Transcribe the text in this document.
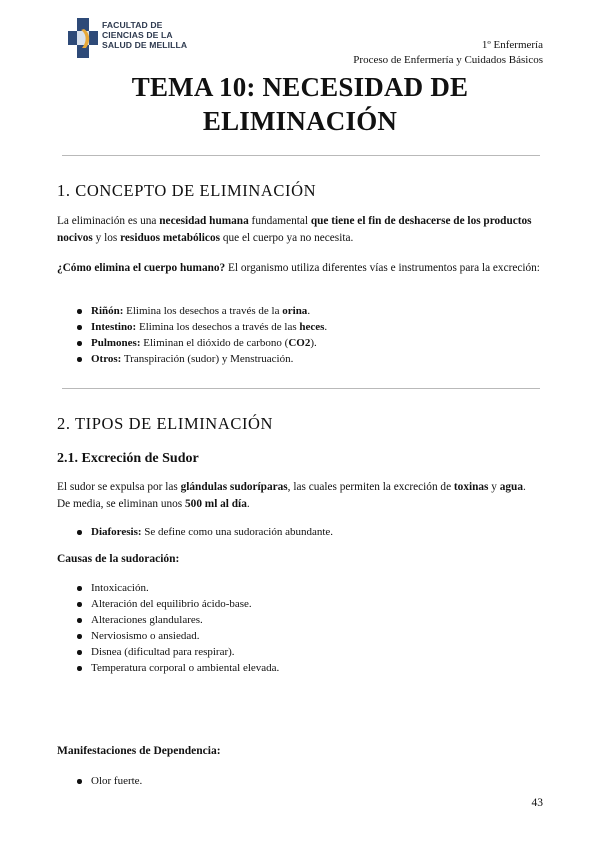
FACULTAD DE
CIENCIAS DE LA
SALUD DE MELILLA	1º Enfermería
Proceso de Enfermería y Cuidados Básicos
TEMA 10: NECESIDAD DE
ELIMINACIÓN
1. CONCEPTO DE ELIMINACIÓN
La eliminación es una necesidad humana fundamental que tiene el fin de deshacerse de los productos nocivos y los residuos metabólicos que el cuerpo ya no necesita.
¿Cómo elimina el cuerpo humano? El organismo utiliza diferentes vías e instrumentos para la excreción:
Riñón: Elimina los desechos a través de la orina.
Intestino: Elimina los desechos a través de las heces.
Pulmones: Eliminan el dióxido de carbono (CO2).
Otros: Transpiración (sudor) y Menstruación.
2. TIPOS DE ELIMINACIÓN
2.1. Excreción de Sudor
El sudor se expulsa por las glándulas sudoríparas, las cuales permiten la excreción de toxinas y agua. De media, se eliminan unos 500 ml al día.
Diaforesis: Se define como una sudoración abundante.
Causas de la sudoración:
Intoxicación.
Alteración del equilibrio ácido-base.
Alteraciones glandulares.
Nerviosismo o ansiedad.
Disnea (dificultad para respirar).
Temperatura corporal o ambiental elevada.
Manifestaciones de Dependencia:
Olor fuerte.
43
